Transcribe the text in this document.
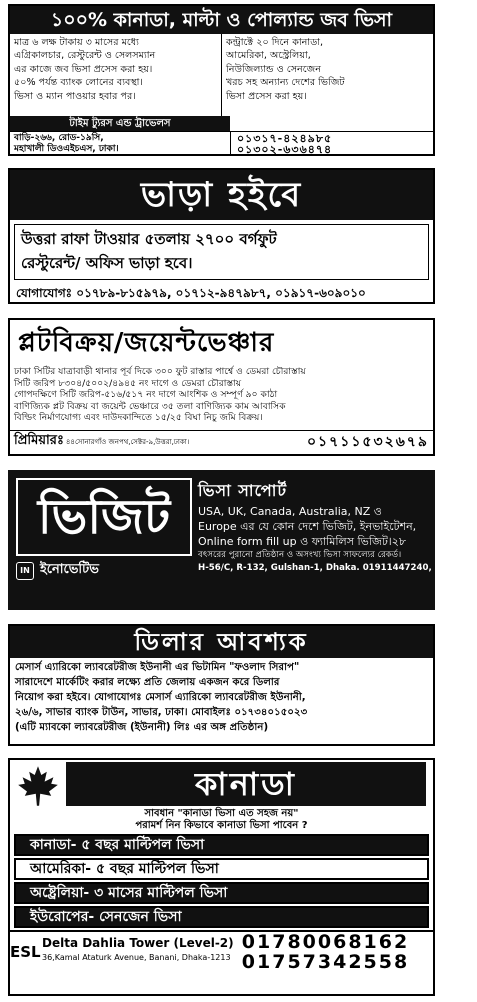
১০০% কানাডা, মাল্টা ও পোল্যান্ড জব ভিসা

মাত্র ৬ লক্ষ টাকায় ৩ মাসের মধ্যে

এগ্রিকালচার, রেস্টুরেন্ট ও সেলসম্যান

এর কাজে জব ভিসা প্রসেস করা হয়।

৫০% পর্যন্ত ব্যাংক লোনের ব্যবস্থা।

ভিসা ও ম্যান পাওয়ার হবার পর।

কন্ট্রাক্টে ২০ দিনে কানাডা,

আমেরিকা, অস্ট্রেলিয়া,

নিউজিল্যান্ড ও সেনজেন

খরচ সহ অন্যান্য দেশের ভিজিট

ভিসা প্রসেস করা হয়।

টাইম ট্যুরস এন্ড ট্রাভেলস
বাড়ি-২৬৬, রোড-১৯সি,
মহাখালী ডিওএইচএস, ঢাকা।
০১৩১৭-৪২৪৯৮৫
০১৩০২-৬৩৬৪৭৪
ভাড়া হইবে
উত্তরা রাফা টাওয়ার ৫তলায় ২৭০০ বর্গফুট
রেস্টুরেন্ট/ অফিস ভাড়া হবে।
যোগাযোগঃ ০১৭৮৯-৮১৫৯৭৯, ০১৭১২-৯৪৭৯৮৭, ০১৯১৭-৬০৯০১০
প্লটবিক্রয়/জয়েন্টভেঞ্চার

ঢাকা সিটির যাত্রাবাড়ী থানার পূর্ব দিকে ৩০০ ফুট রাস্তার পার্শ্বে ও ডেমরা চৌরাস্তায়

সিটি জরিপ ৮৩০৪/৫০০২/৪৯৪৫ নং দাগে ও ডেমরা চৌরাস্তায়

গোপদক্ষিণে সিটি জরিপ-৫১৬/৫১৭ নং দাগে আংশিক ও সম্পূর্ণ ৯০ কাঠা

বাণিজ্যিক প্লট বিক্রয় বা জয়েন্ট ভেঞ্চারে ৩৫ তলা বাণিজ্যিক কাম আবাসিক

বিল্ডিং নির্মাণযোগ্য এবং দাউদকান্দিতে ১৫/২৫ বিঘা নিচু জমি বিক্রয়।

প্রিমিয়ারঃ ৪৪সোনারগাঁও জনপথ,সেক্টর-৯,উত্তরা,ঢাকা।	০১৭১১৫৩২৬৭৯
ভিজিট
IN ইনোভেটিভ
ভিসা সাপোর্ট
USA, UK, Canada, Australia, NZ ও
Europe এর যে কোন দেশে ভিজিট, ইনভাইটেশন,
Online form fill up ও ফ্যামিলিস ভিজিট।২৮
বৎসরের পুরানো প্রতিষ্ঠান ও অসংখ্য ভিসা সাফল্যের রেকর্ড।
H-56/C, R-132, Gulshan-1, Dhaka. 01911447240, 9856017
ডিলার আবশ্যক

মেসার্স এ্যারিকো ল্যাবরেটরীজ ইউনানী এর ভিটামিন "ফওলাদ সিরাপ"

সারাদেশে মার্কেটিং করার লক্ষ্যে প্রতি জেলায় একজন করে ডিলার

নিয়োগ করা হইবে। যোগাযোগঃ মেসার্স এ্যারিকো ল্যাবরেটরীজ ইউনানী,

২৬/৬, সাভার ব্যাংক টাউন, সাভার, ঢাকা। মোবাইলঃ ০১৭৩৪০১৫০২৩

(এটি ম্যাবকো ল্যাবরেটরীজ (ইউনানী) লিঃ এর অঙ্গ প্রতিষ্ঠান)

কানাডা
সাবধান "কানাডা ভিসা এত সহজ নয়"
পরামর্শ নিন কিভাবে কানাডা ভিসা পাবেন ?
কানাডা- ৫ বছর মাল্টিপল ভিসা
আমেরিকা- ৫ বছর মাল্টিপল ভিসা
অষ্ট্রেলিয়া- ৩ মাসের মাল্টিপল ভিসা
ইউরোপের- সেনজেন ভিসা
ESL Delta Dahlia Tower (Level-2)
36,Kamal Ataturk Avenue, Banani, Dhaka-1213
01780068162
01757342558
